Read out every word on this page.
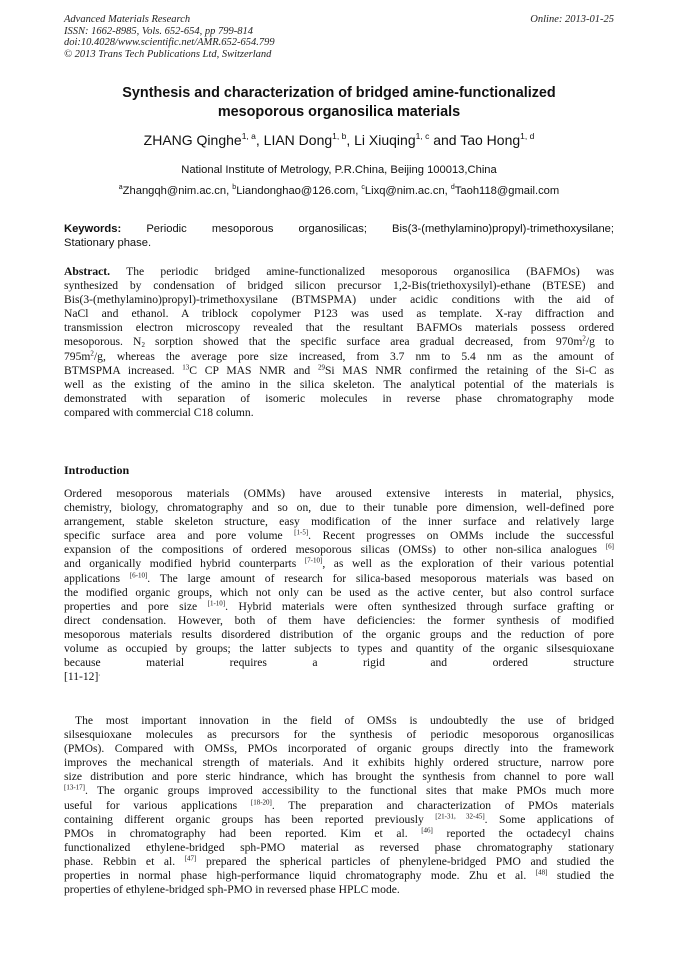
Advanced Materials Research
ISSN: 1662-8985, Vols. 652-654, pp 799-814
doi:10.4028/www.scientific.net/AMR.652-654.799
© 2013 Trans Tech Publications Ltd, Switzerland
Online: 2013-01-25
Synthesis and characterization of bridged amine-functionalized
mesoporous organosilica materials
ZHANG Qinghe$^{1, a}$, LIAN Dong$^{1, b}$, Li Xiuqing$^{1, c}$ and Tao Hong$^{1, d}$
National Institute of Metrology, P.R.China, Beijing 100013,China
$^a$Zhangqh@nim.ac.cn, $^b$Liandonghao@126.com, $^c$Lixq@nim.ac.cn, $^d$Taoh118@gmail.com
Keywords: Periodic mesoporous organosilicas; Bis(3-(methylamino)propyl)-trimethoxysilane;
Stationary phase.
Abstract. The periodic bridged amine-functionalized mesoporous organosilica (BAFMOs) was
synthesized by condensation of bridged silicon precursor 1,2-Bis(triethoxysilyl)-ethane (BTESE) and
Bis(3-(methylamino)propyl)-trimethoxysilane (BTMSPMA) under acidic conditions with the aid of
NaCl and ethanol. A triblock copolymer P123 was used as template. X-ray diffraction and
transmission electron microscopy revealed that the resultant BAFMOs materials possess ordered
mesoporous. $N_2$ sorption showed that the specific surface area gradual decreased, from $970m^2/g$ to
$795m^2/g$, whereas the average pore size increased, from 3.7 nm to 5.4 nm as the amount of
BTMSPMA increased. $^{13}$C CP MAS NMR and $^{29}$Si MAS NMR confirmed the retaining of the Si-C as
well as the existing of the amino in the silica skeleton. The analytical potential of the materials is
demonstrated with separation of isomeric molecules in reverse phase chromatography mode
compared with commercial C18 column.
Introduction
Ordered mesoporous materials (OMMs) have aroused extensive interests in material, physics,
chemistry, biology, chromatography and so on, due to their tunable pore dimension, well-defined pore
arrangement, stable skeleton structure, easy modification of the inner surface and relatively large
specific surface area and pore volume [1-5]. Recent progresses on OMMs include the successful
expansion of the compositions of ordered mesoporous silicas (OMSs) to other non-silica analogues [6]
and organically modified hybrid counterparts [7-10], as well as the exploration of their various potential
applications [6-10]. The large amount of research for silica-based mesoporous materials was based on
the modified organic groups, which not only can be used as the active center, but also control surface
properties and pore size [1-10]. Hybrid materials were often synthesized through surface grafting or
direct condensation. However, both of them have deficiencies: the former synthesis of modified
mesoporous materials results disordered distribution of the organic groups and the reduction of pore
volume as occupied by groups; the latter subjects to types and quantity of the organic silsesquioxane
because material requires a rigid and ordered structure
[11-12].
The most important innovation in the field of OMSs is undoubtedly the use of bridged
silsesquioxane molecules as precursors for the synthesis of periodic mesoporous organosilicas
(PMOs). Compared with OMSs, PMOs incorporated of organic groups directly into the framework
improves the mechanical strength of materials. And it exhibits highly ordered structure, narrow pore
size distribution and pore steric hindrance, which has brought the synthesis from channel to pore wall
[13-17]. The organic groups improved accessibility to the functional sites that make PMOs much more
useful for various applications [18-20]. The preparation and characterization of PMOs materials
containing different organic groups has been reported previously [21-31, 32-45]. Some applications of
PMOs in chromatography had been reported. Kim et al. [46] reported the octadecyl chains
functionalized ethylene-bridged sph-PMO material as reversed phase chromatography stationary
phase. Rebbin et al. [47] prepared the spherical particles of phenylene-bridged PMO and studied the
properties in normal phase high-performance liquid chromatography mode. Zhu et al. [48] studied the
properties of ethylene-bridged sph-PMO in reversed phase HPLC mode.
